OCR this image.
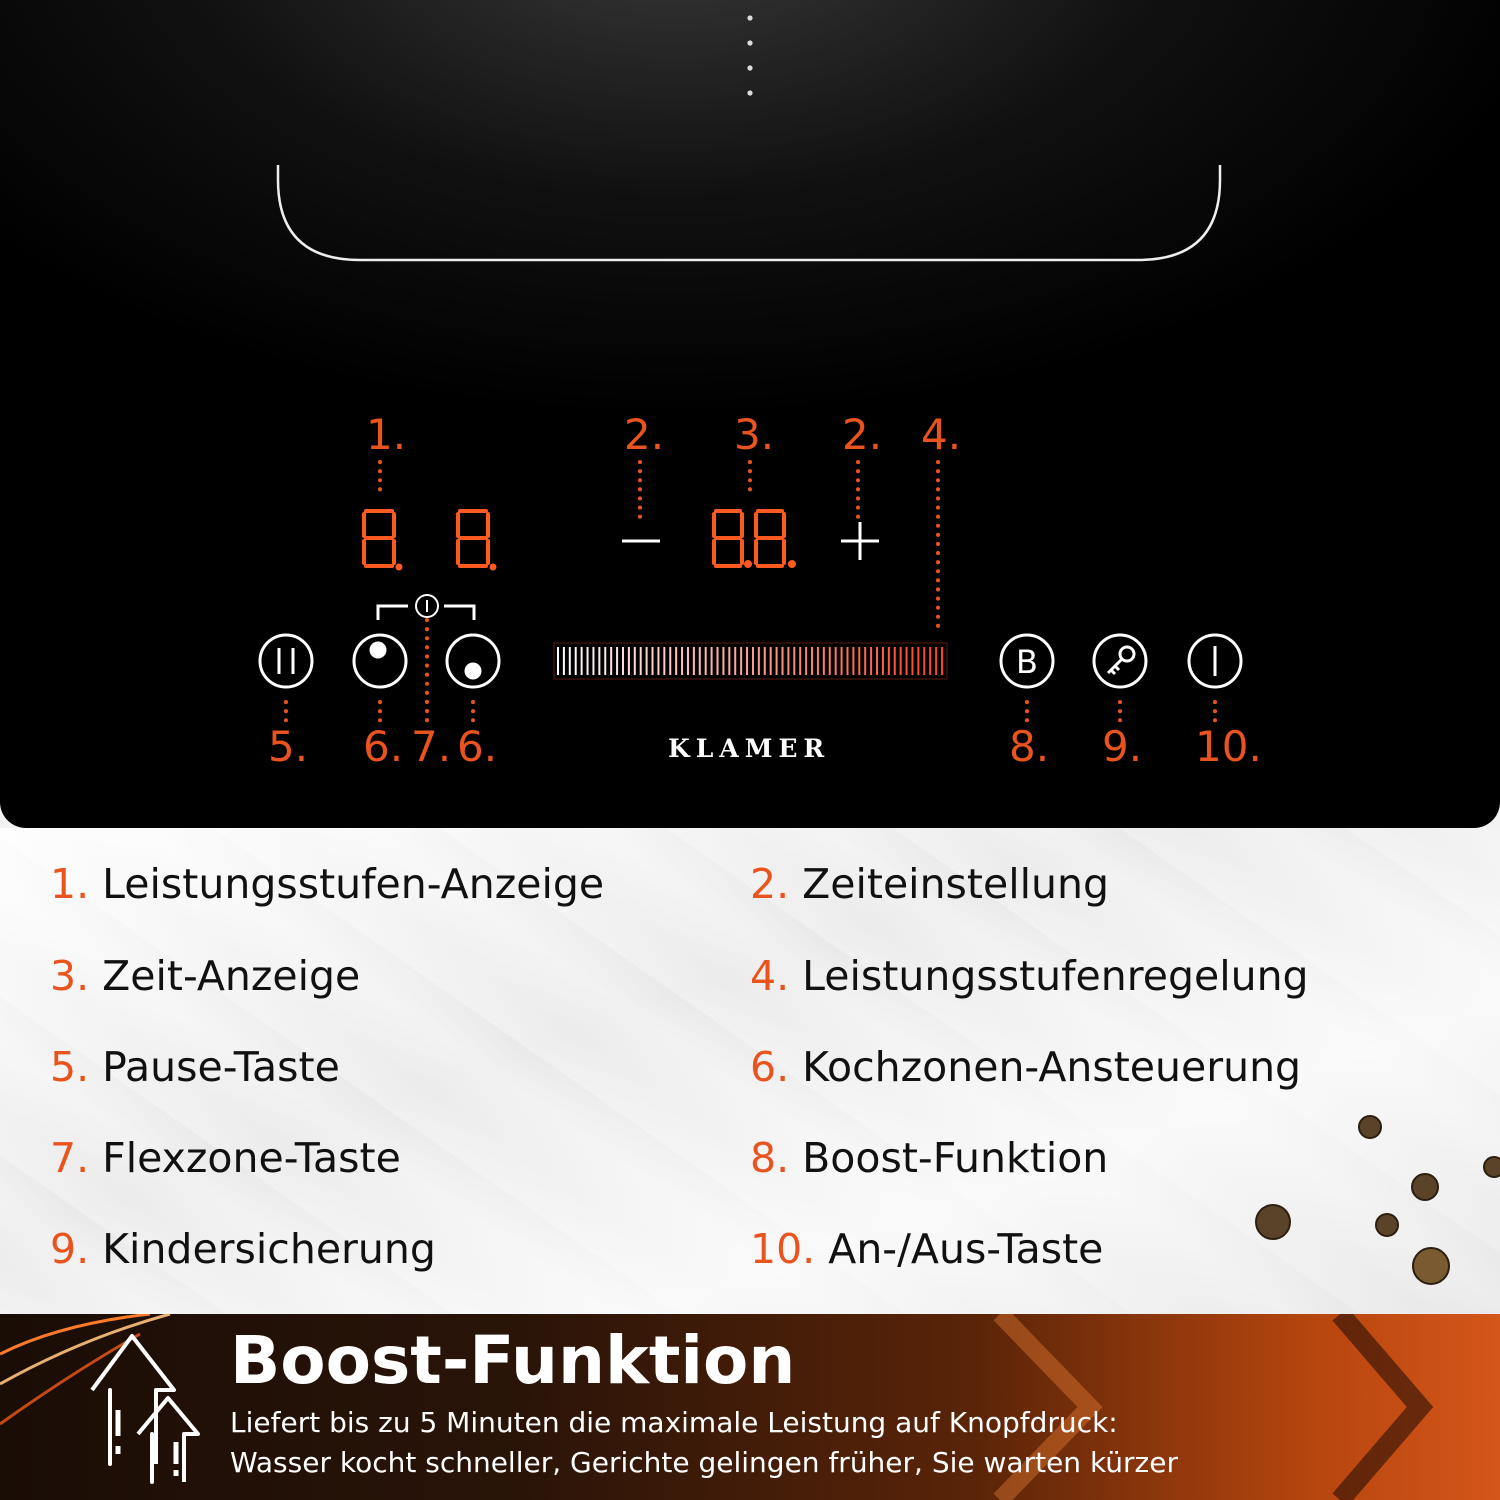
B
1.	2. 3. 2. 4.
5. 6. 7. 6.	8. 9. 10.
KLAMER
1. Leistungsstufen-Anzeige	2. Zeiteinstellung
3. Zeit-Anzeige	4. Leistungsstufenregelung
5. Pause-Taste	6. Kochzonen-Ansteuerung
7. Flexzone-Taste	8. Boost-Funktion
9. Kindersicherung	10. An-/Aus-Taste
Boost-Funktion
Liefert bis zu 5 Minuten die maximale Leistung auf Knopfdruck:
Wasser kocht schneller, Gerichte gelingen früher, Sie warten kürzer
